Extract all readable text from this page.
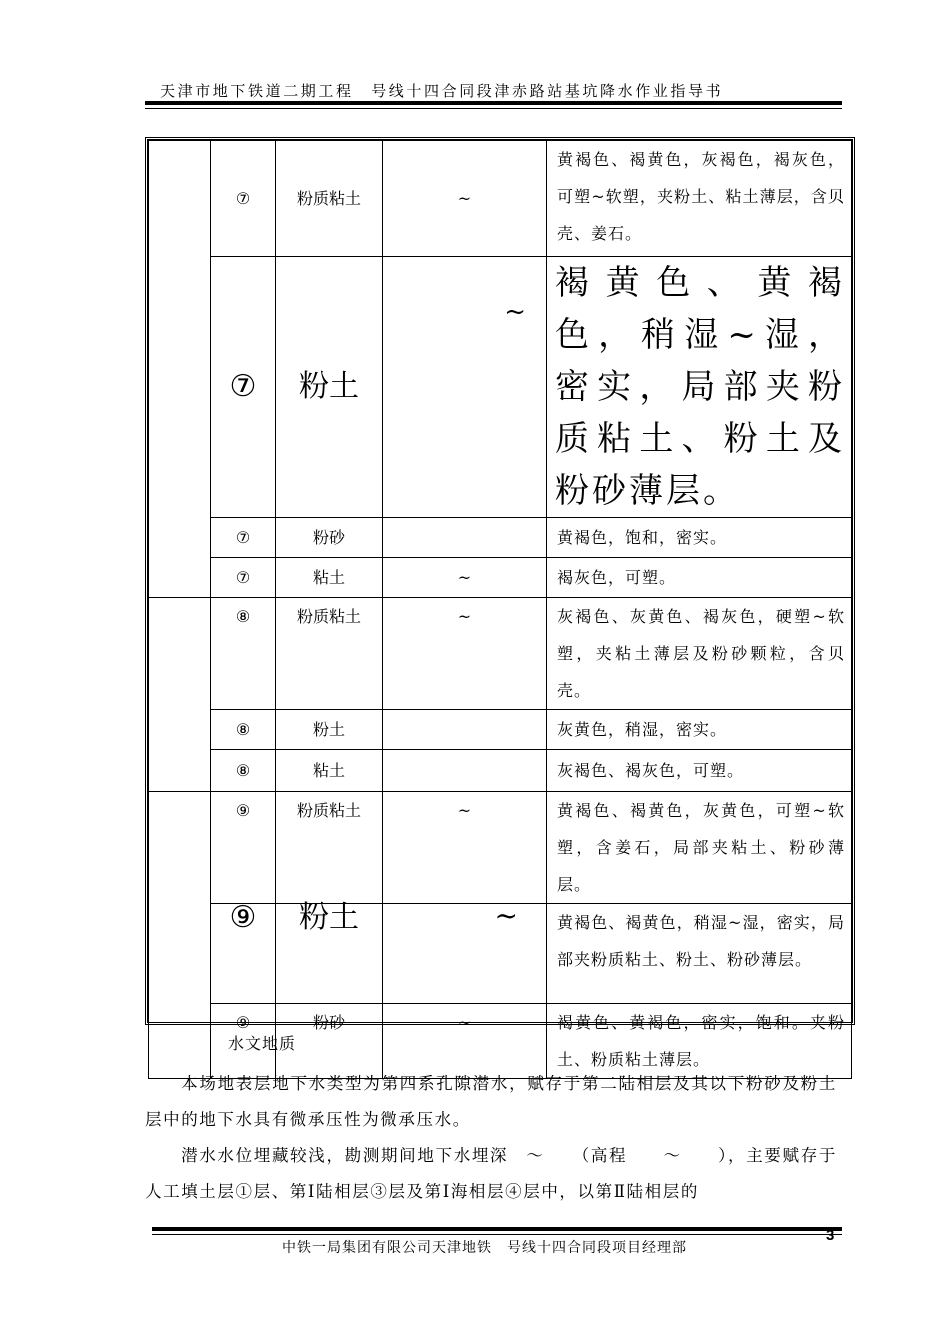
天津市地下铁道二期工程　号线十四合同段津赤路站基坑降水作业指导书
	⑦	粉质粘土	~	黄褐色、褐黄色，灰褐色，褐灰色，可塑~软塑，夹粉土、粘土薄层，含贝壳、姜石。
	⑦	粉土	~	褐黄色、黄褐色，稍湿~湿，密实，局部夹粉质粘土、粉土及粉砂薄层。
	⑦	粉砂		黄褐色，饱和，密实。
	⑦	粘土	~	褐灰色，可塑。
	⑧	粉质粘土	~	灰褐色、灰黄色、褐灰色，硬塑~软塑，夹粘土薄层及粉砂颗粒，含贝壳。
	⑧	粉土		灰黄色，稍湿，密实。
	⑧	粘土		灰褐色、褐灰色，可塑。
	⑨	粉质粘土	~	黄褐色、褐黄色，灰黄色，可塑~软塑，含姜石，局部夹粘土、粉砂薄层。
	⑨	粉土	~	黄褐色、褐黄色，稍湿~湿，密实，局部夹粉质粘土、粉土、粉砂薄层。
	⑨	粉砂	~	褐黄色、黄褐色，密实，饱和。夹粉土、粉质粘土薄层。
水文地质
本场地表层地下水类型为第四系孔隙潜水，赋存于第二陆相层及其以下粉砂及粉土层中的地下水具有微承压性为微承压水。
潜水水位埋藏较浅，勘测期间地下水埋深　～　　（高程　　～　　），主要赋存于人工填土层①层、第Ⅰ陆相层③层及第Ⅰ海相层④层中，以第Ⅱ陆相层的
中铁一局集团有限公司天津地铁　号线十四合同段项目经理部
3
